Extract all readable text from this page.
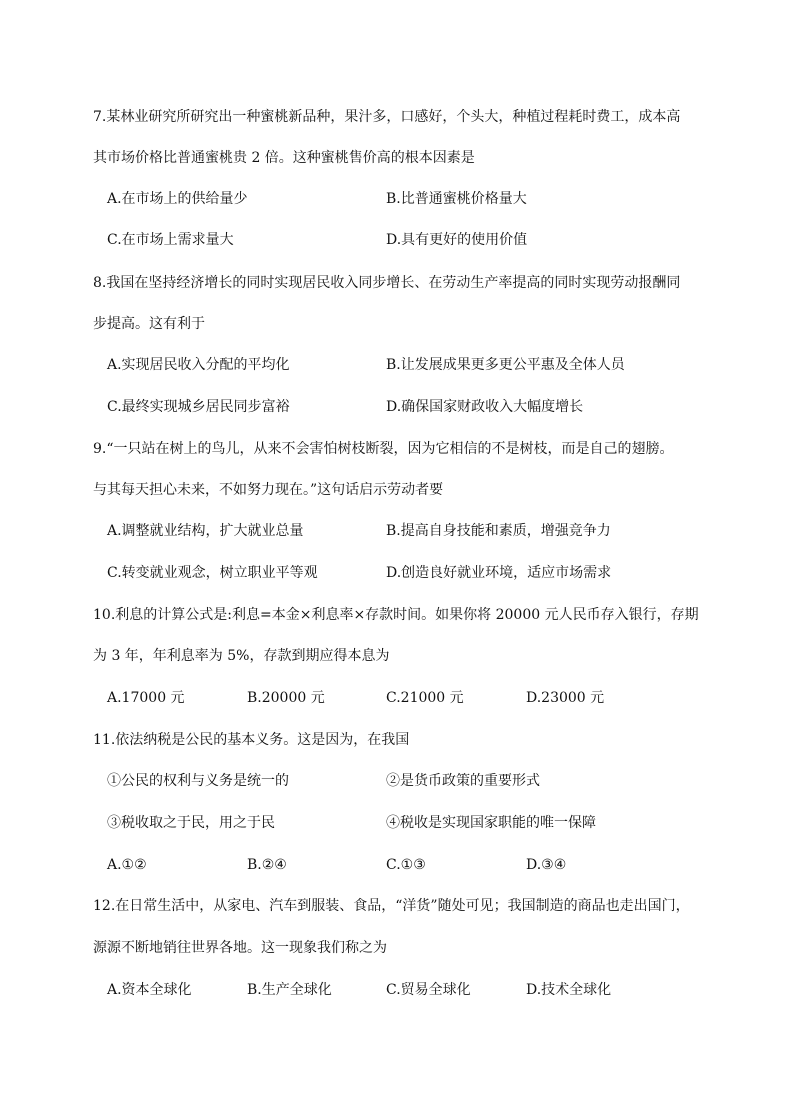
7.某林业研究所研究出一种蜜桃新品种，果汁多，口感好，个头大，种植过程耗时费工，成本高
其市场价格比普通蜜桃贵 2 倍。这种蜜桃售价高的根本因素是
A.在市场上的供给量少	B.比普通蜜桃价格量大
C.在市场上需求量大	D.具有更好的使用价值
8.我国在坚持经济增长的同时实现居民收入同步增长、在劳动生产率提高的同时实现劳动报酬同
步提高。这有利于
A.实现居民收入分配的平均化	B.让发展成果更多更公平惠及全体人员
C.最终实现城乡居民同步富裕	D.确保国家财政收入大幅度增长
9.“一只站在树上的鸟儿，从来不会害怕树枝断裂，因为它相信的不是树枝，而是自己的翅膀。
与其每天担心未来，不如努力现在。”这句话启示劳动者要
A.调整就业结构，扩大就业总量	B.提高自身技能和素质，增强竞争力
C.转变就业观念，树立职业平等观	D.创造良好就业环境，适应市场需求
10.利息的计算公式是:利息=本金×利息率×存款时间。如果你将 20000 元人民币存入银行，存期
为 3 年，年利息率为 5%，存款到期应得本息为
A.17000 元	B.20000 元	C.21000 元	D.23000 元
11.依法纳税是公民的基本义务。这是因为，在我国
①公民的权利与义务是统一的	②是货币政策的重要形式
③税收取之于民，用之于民	④税收是实现国家职能的唯一保障
A.①②	B.②④	C.①③	D.③④
12.在日常生活中，从家电、汽车到服装、食品，“洋货”随处可见；我国制造的商品也走出国门，
源源不断地销往世界各地。这一现象我们称之为
A.资本全球化	B.生产全球化	C.贸易全球化	D.技术全球化
